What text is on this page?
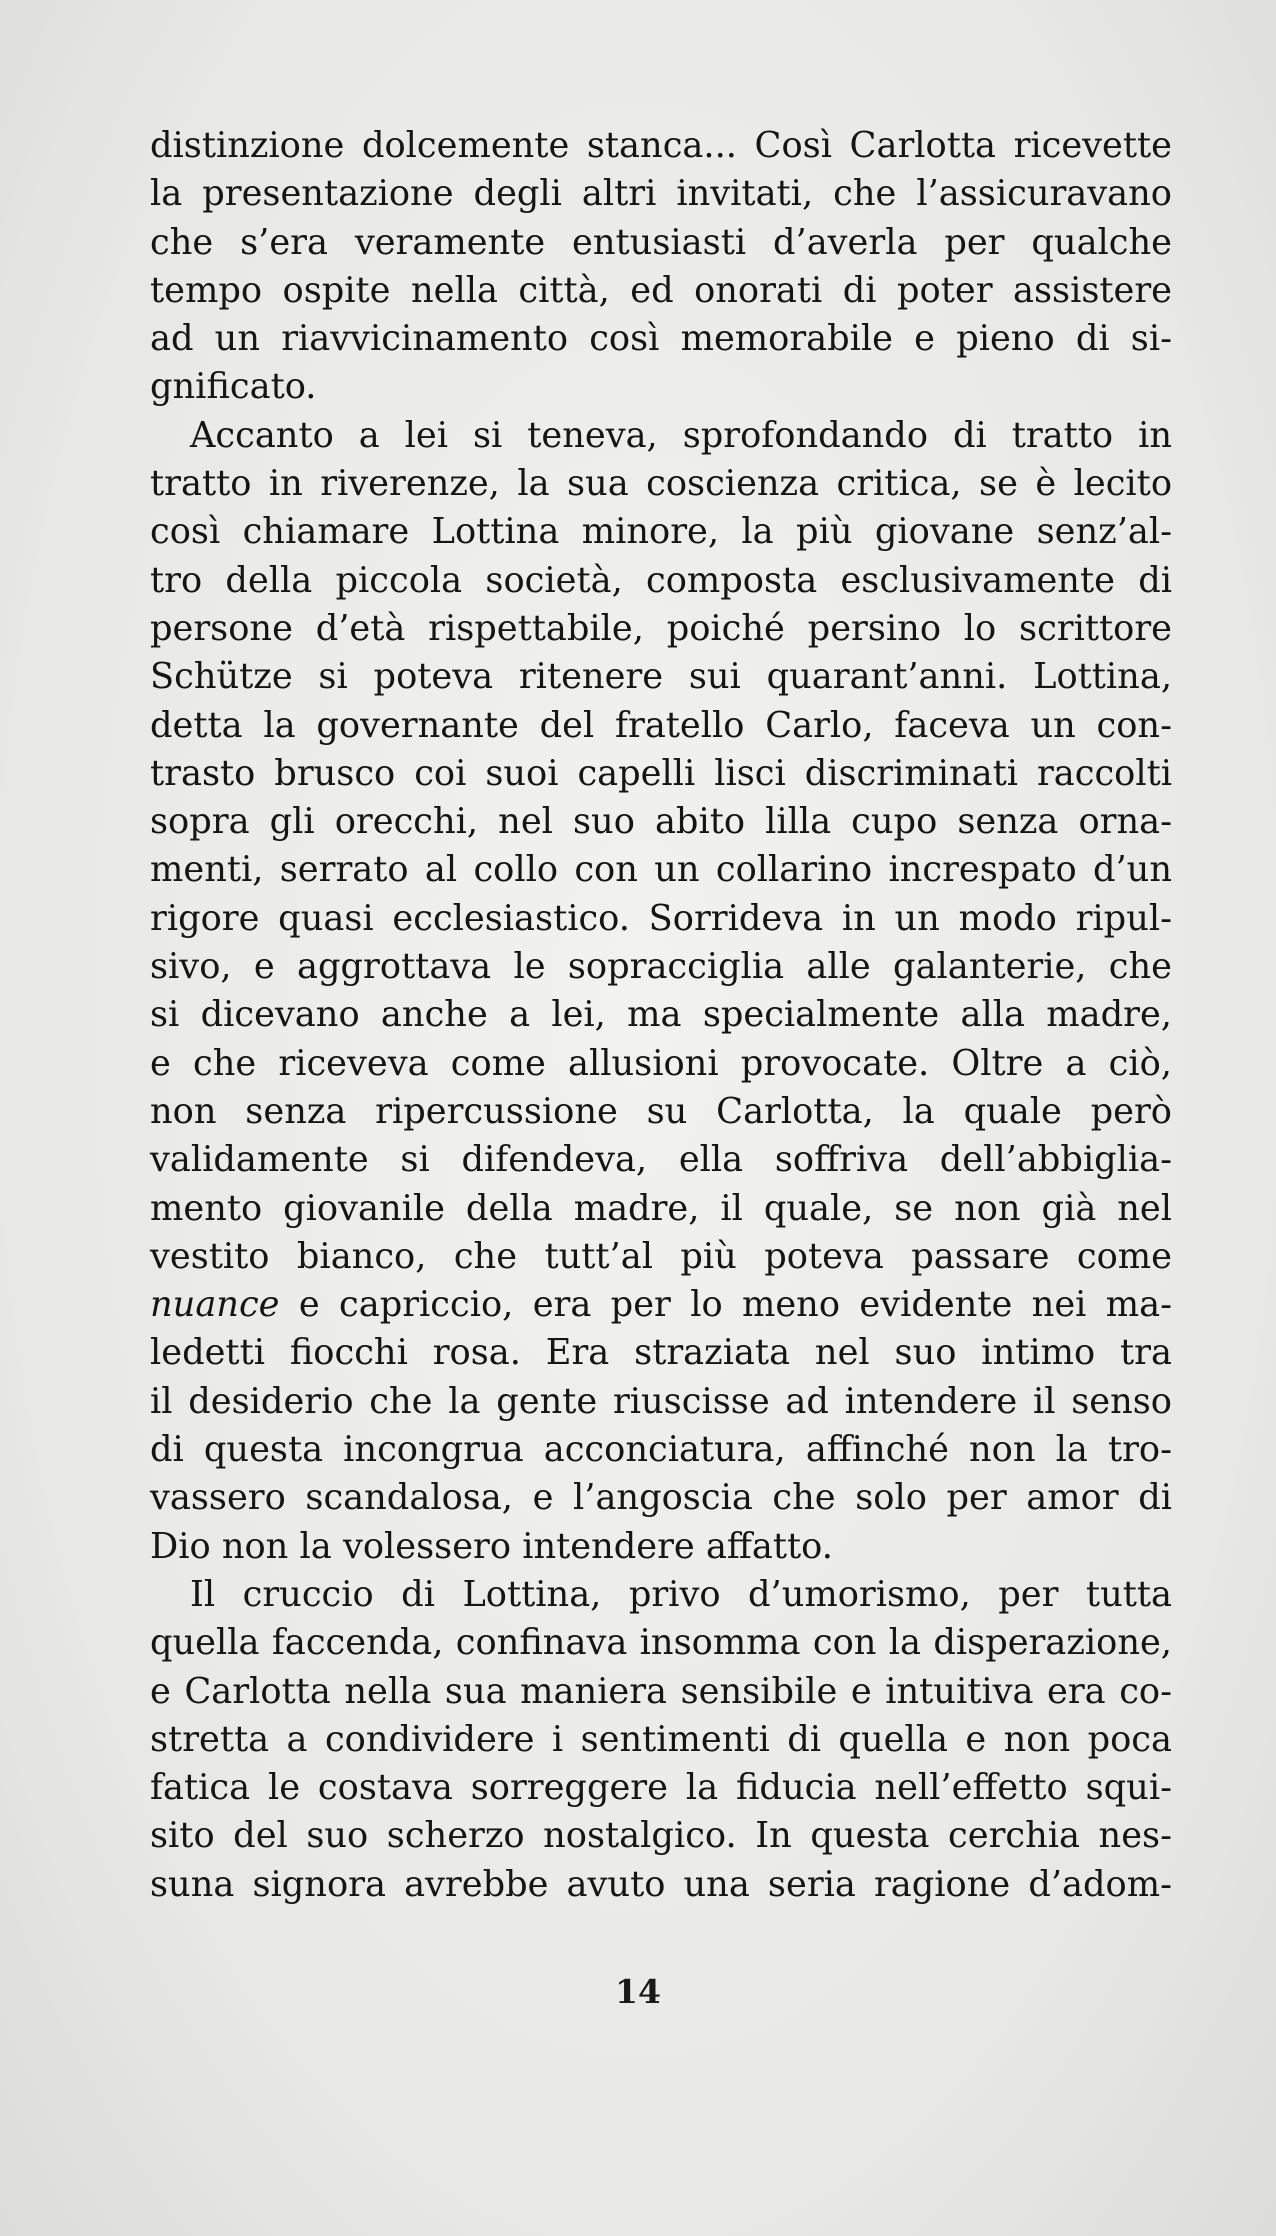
distinzione dolcemente stanca... Così Carlotta ricevette
la presentazione degli altri invitati, che l’assicuravano
che s’era veramente entusiasti d’averla per qualche
tempo ospite nella città, ed onorati di poter assistere
ad un riavvicinamento così memorabile e pieno di si-
gnificato.
Accanto a lei si teneva, sprofondando di tratto in
tratto in riverenze, la sua coscienza critica, se è lecito
così chiamare Lottina minore, la più giovane senz’al-
tro della piccola società, composta esclusivamente di
persone d’età rispettabile, poiché persino lo scrittore
Schütze si poteva ritenere sui quarant’anni. Lottina,
detta la governante del fratello Carlo, faceva un con-
trasto brusco coi suoi capelli lisci discriminati raccolti
sopra gli orecchi, nel suo abito lilla cupo senza orna-
menti, serrato al collo con un collarino increspato d’un
rigore quasi ecclesiastico. Sorrideva in un modo ripul-
sivo, e aggrottava le sopracciglia alle galanterie, che
si dicevano anche a lei, ma specialmente alla madre,
e che riceveva come allusioni provocate. Oltre a ciò,
non senza ripercussione su Carlotta, la quale però
validamente si difendeva, ella soffriva dell’abbiglia-
mento giovanile della madre, il quale, se non già nel
vestito bianco, che tutt’al più poteva passare come
nuance e capriccio, era per lo meno evidente nei ma-
ledetti fiocchi rosa. Era straziata nel suo intimo tra
il desiderio che la gente riuscisse ad intendere il senso
di questa incongrua acconciatura, affinché non la tro-
vassero scandalosa, e l’angoscia che solo per amor di
Dio non la volessero intendere affatto.
Il cruccio di Lottina, privo d’umorismo, per tutta
quella faccenda, confinava insomma con la disperazione,
e Carlotta nella sua maniera sensibile e intuitiva era co-
stretta a condividere i sentimenti di quella e non poca
fatica le costava sorreggere la fiducia nell’effetto squi-
sito del suo scherzo nostalgico. In questa cerchia nes-
suna signora avrebbe avuto una seria ragione d’adom-
14
